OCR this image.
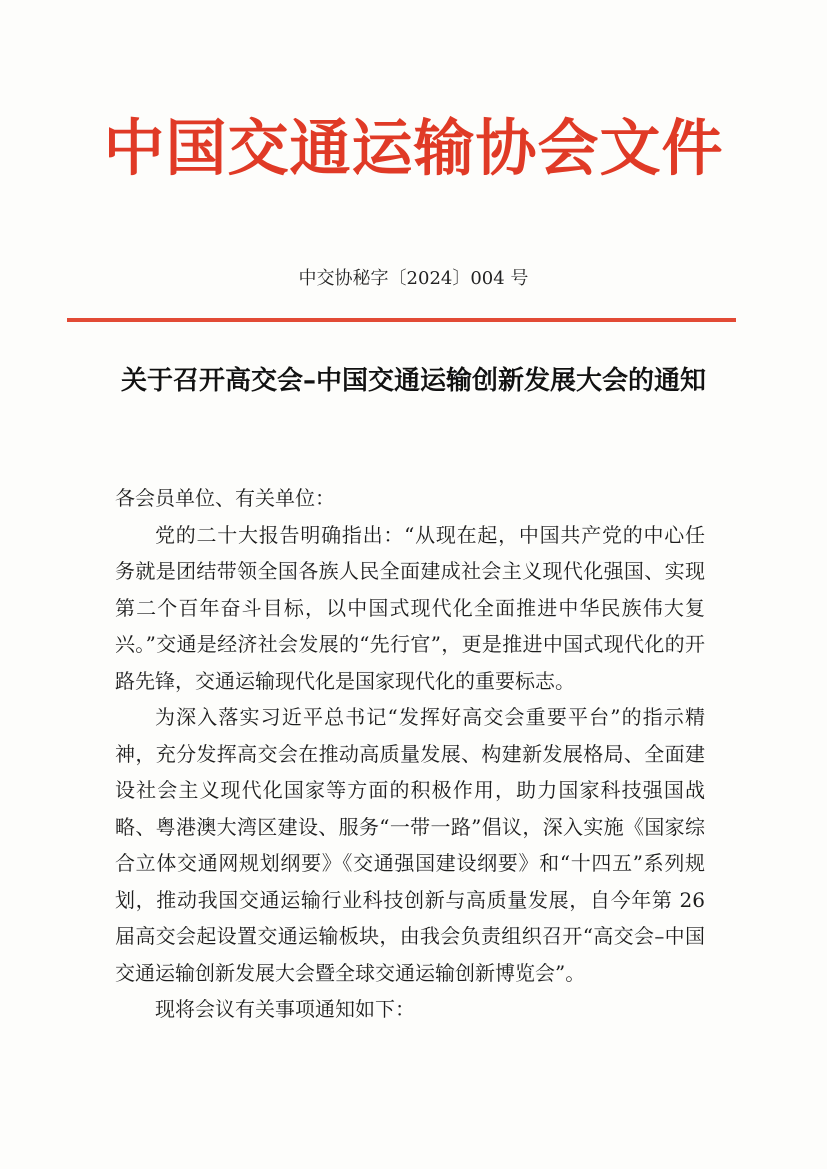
中国交通运输协会文件
中交协秘字〔2024〕004 号
关于召开高交会–中国交通运输创新发展大会的通知

各会员单位、有关单位：

党的二十大报告明确指出：“从现在起，中国共产党的中心任务就是团结带领全国各族人民全面建成社会主义现代化强国、实现第二个百年奋斗目标，以中国式现代化全面推进中华民族伟大复兴。”交通是经济社会发展的“先行官”，更是推进中国式现代化的开路先锋，交通运输现代化是国家现代化的重要标志。

为深入落实习近平总书记“发挥好高交会重要平台”的指示精神，充分发挥高交会在推动高质量发展、构建新发展格局、全面建设社会主义现代化国家等方面的积极作用，助力国家科技强国战略、粤港澳大湾区建设、服务“一带一路”倡议，深入实施《国家综合立体交通网规划纲要》《交通强国建设纲要》和“十四五”系列规划，推动我国交通运输行业科技创新与高质量发展，自今年第 26 届高交会起设置交通运输板块，由我会负责组织召开“高交会–中国交通运输创新发展大会暨全球交通运输创新博览会”。

现将会议有关事项通知如下：
